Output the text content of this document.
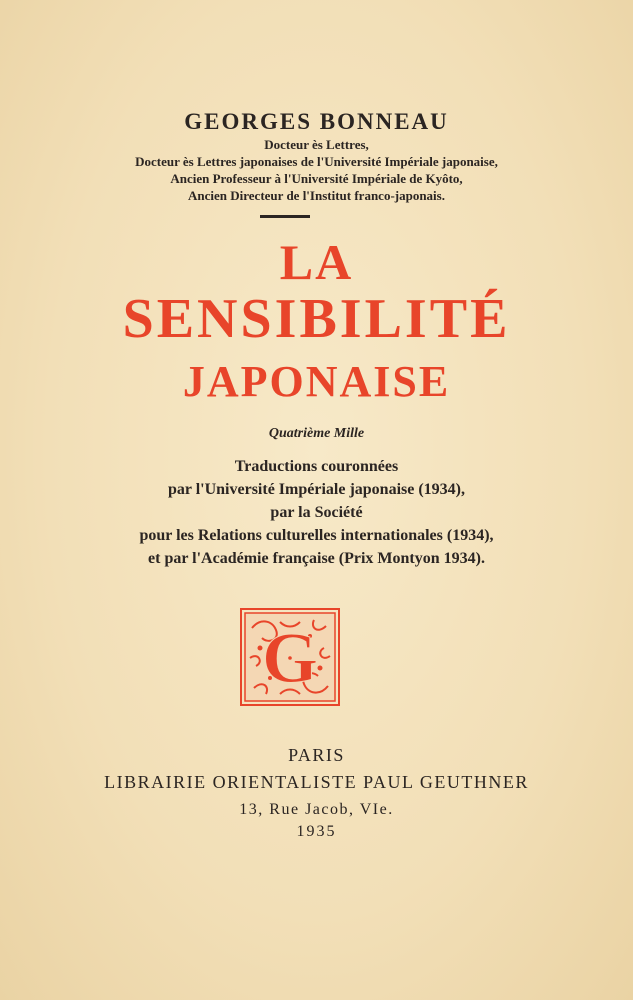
GEORGES BONNEAU
Docteur ès Lettres,
Docteur ès Lettres japonaises de l'Université Impériale japonaise,
Ancien Professeur à l'Université Impériale de Kyôto,
Ancien Directeur de l'Institut franco-japonais.
LA
SENSIBILITÉ
JAPONAISE
Quatrième Mille
Traductions couronnées
par l'Université Impériale japonaise (1934),
par la Société
pour les Relations culturelles internationales (1934),
et par l'Académie française (Prix Montyon 1934).
G
PARIS
LIBRAIRIE ORIENTALISTE PAUL GEUTHNER
13, Rue Jacob, VIe.
1935
